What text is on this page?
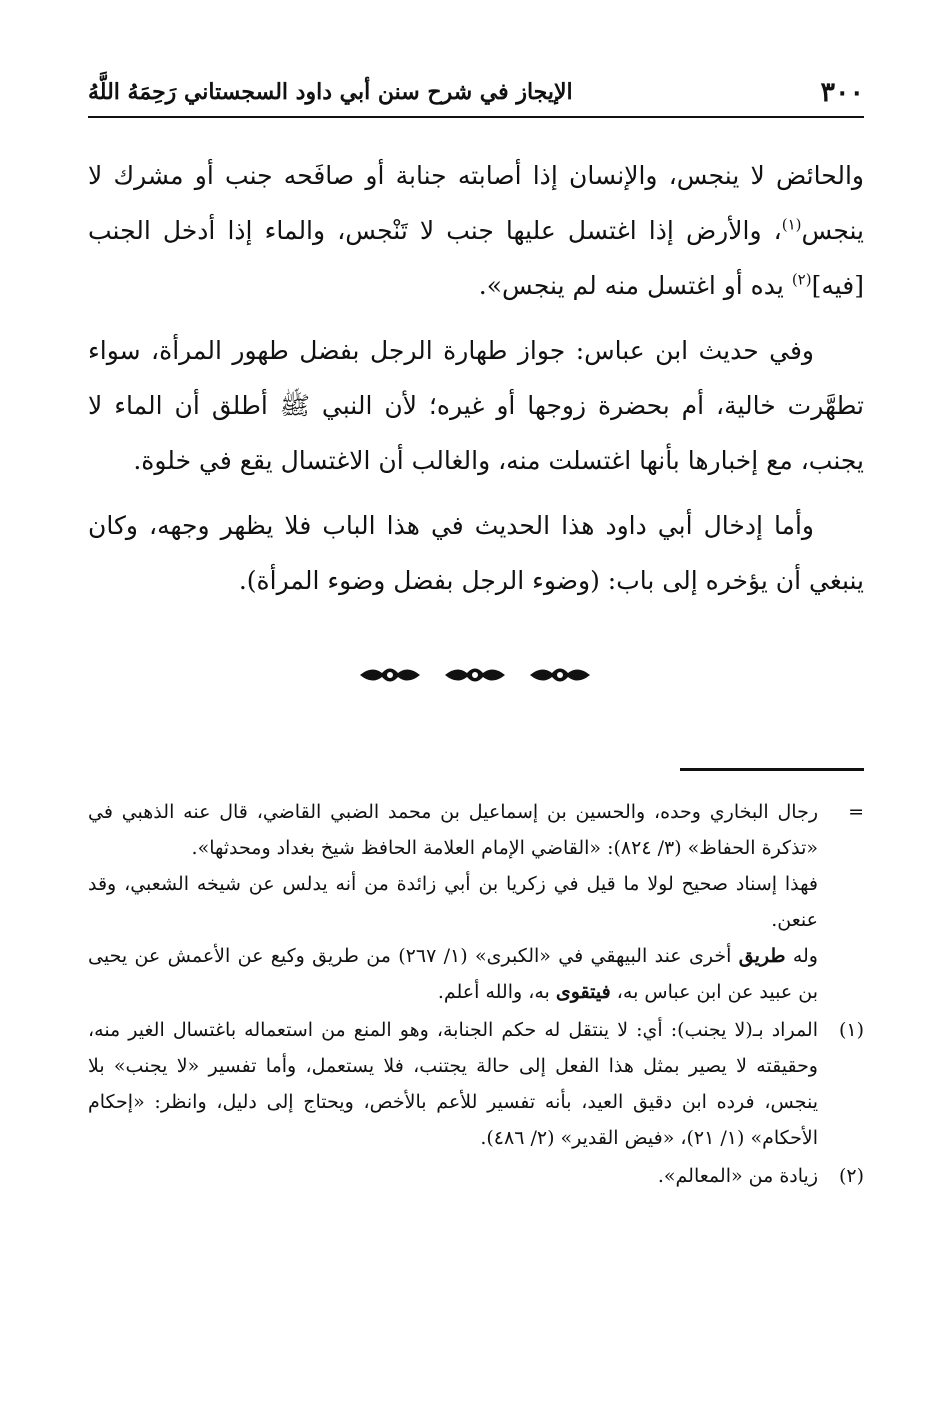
٣٠٠
الإيجاز في شرح سنن أبي داود السجستاني رَحِمَهُ اللَّهُ

والحائض لا ينجس، والإنسان إذا أصابته جنابة أو صافَحه جنب أو مشرك لا ينجس$^{(١)}$، والأرض إذا اغتسل عليها جنب لا تَنْجس، والماء إذا أدخل الجنب [فيه]$^{(٢)}$ يده أو اغتسل منه لم ينجس».

وفي حديث ابن عباس: جواز طهارة الرجل بفضل طهور المرأة، سواء تطهَّرت خالية، أم بحضرة زوجها أو غيره؛ لأن النبي ﷺ أطلق أن الماء لا يجنب، مع إخبارها بأنها اغتسلت منه، والغالب أن الاغتسال يقع في خلوة.

وأما إدخال أبي داود هذا الحديث في هذا الباب فلا يظهر وجهه، وكان ينبغي أن يؤخره إلى باب: (وضوء الرجل بفضل وضوء المرأة).

=

رجال البخاري وحده، والحسين بن إسماعيل بن محمد الضبي القاضي، قال عنه الذهبي في «تذكرة الحفاظ» (٣/ ٨٢٤): «القاضي الإمام العلامة الحافظ شيخ بغداد ومحدثها».

فهذا إسناد صحيح لولا ما قيل في زكريا بن أبي زائدة من أنه يدلس عن شيخه الشعبي، وقد عنعن.

وله طريق أخرى عند البيهقي في «الكبرى» (١/ ٢٦٧) من طريق وكيع عن الأعمش عن يحيى بن عبيد عن ابن عباس به، فيتقوى به، والله أعلم.

(١)

المراد بـ(لا يجنب): أي: لا ينتقل له حكم الجنابة، وهو المنع من استعماله باغتسال الغير منه، وحقيقته لا يصير بمثل هذا الفعل إلى حالة يجتنب، فلا يستعمل، وأما تفسير «لا يجنب» بلا ينجس، فرده ابن دقيق العيد، بأنه تفسير للأعم بالأخص، ويحتاج إلى دليل، وانظر: «إحكام الأحكام» (١/ ٢١)، «فيض القدير» (٢/ ٤٨٦).

(٢)

زيادة من «المعالم».
